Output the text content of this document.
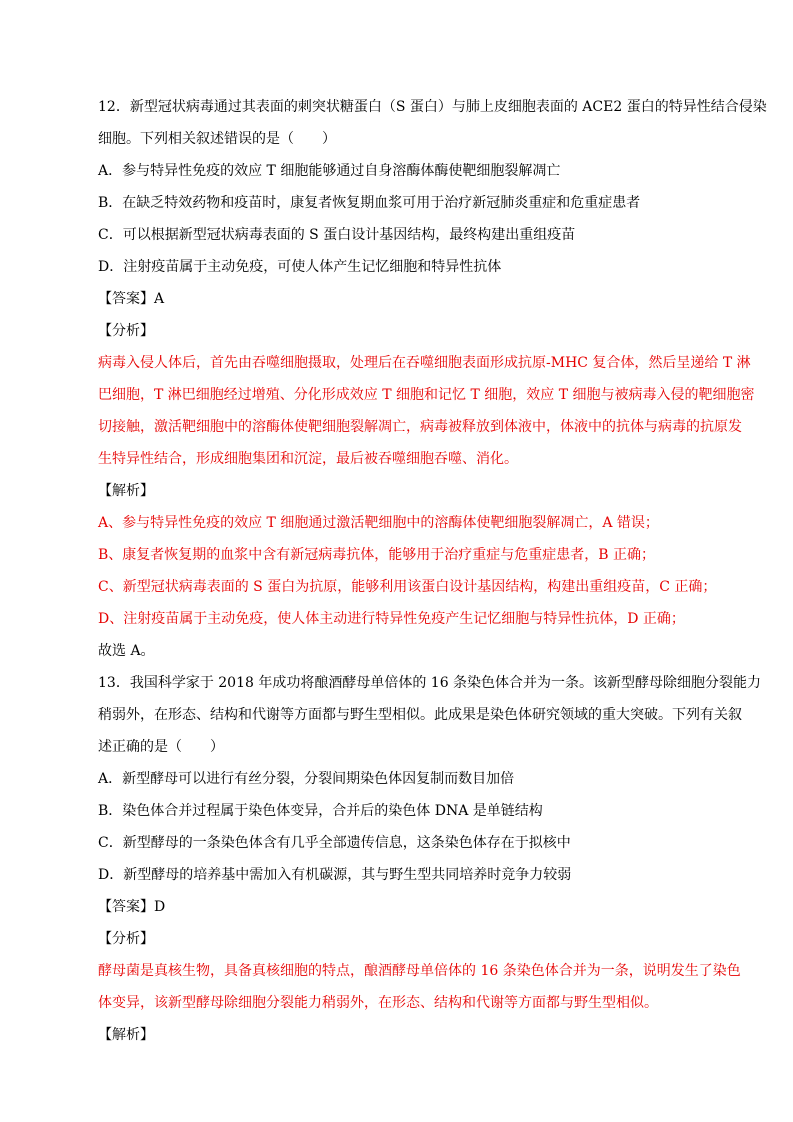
12．新型冠状病毒通过其表面的刺突状糖蛋白（S 蛋白）与肺上皮细胞表面的 ACE2 蛋白的特异性结合侵染

细胞。下列相关叙述错误的是（　　）

A．参与特异性免疫的效应 T 细胞能够通过自身溶酶体酶使靶细胞裂解凋亡

B．在缺乏特效药物和疫苗时，康复者恢复期血浆可用于治疗新冠肺炎重症和危重症患者

C．可以根据新型冠状病毒表面的 S 蛋白设计基因结构，最终构建出重组疫苗

D．注射疫苗属于主动免疫，可使人体产生记忆细胞和特异性抗体

【答案】A

【分析】

病毒入侵人体后，首先由吞噬细胞摄取，处理后在吞噬细胞表面形成抗原-MHC 复合体，然后呈递给 T 淋

巴细胞，T 淋巴细胞经过增殖、分化形成效应 T 细胞和记忆 T 细胞，效应 T 细胞与被病毒入侵的靶细胞密

切接触，激活靶细胞中的溶酶体使靶细胞裂解凋亡，病毒被释放到体液中，体液中的抗体与病毒的抗原发

生特异性结合，形成细胞集团和沉淀，最后被吞噬细胞吞噬、消化。

【解析】

A、参与特异性免疫的效应 T 细胞通过激活靶细胞中的溶酶体使靶细胞裂解凋亡，A 错误；

B、康复者恢复期的血浆中含有新冠病毒抗体，能够用于治疗重症与危重症患者，B 正确；

C、新型冠状病毒表面的 S 蛋白为抗原，能够利用该蛋白设计基因结构，构建出重组疫苗，C 正确；

D、注射疫苗属于主动免疫，使人体主动进行特异性免疫产生记忆细胞与特异性抗体，D 正确；

故选 A。

13．我国科学家于 2018 年成功将酿酒酵母单倍体的 16 条染色体合并为一条。该新型酵母除细胞分裂能力

稍弱外，在形态、结构和代谢等方面都与野生型相似。此成果是染色体研究领域的重大突破。下列有关叙

述正确的是（　　）

A．新型酵母可以进行有丝分裂，分裂间期染色体因复制而数目加倍

B．染色体合并过程属于染色体变异，合并后的染色体 DNA 是单链结构

C．新型酵母的一条染色体含有几乎全部遗传信息，这条染色体存在于拟核中

D．新型酵母的培养基中需加入有机碳源，其与野生型共同培养时竞争力较弱

【答案】D

【分析】

酵母菌是真核生物，具备真核细胞的特点，酿酒酵母单倍体的 16 条染色体合并为一条，说明发生了染色

体变异，该新型酵母除细胞分裂能力稍弱外，在形态、结构和代谢等方面都与野生型相似。

【解析】
